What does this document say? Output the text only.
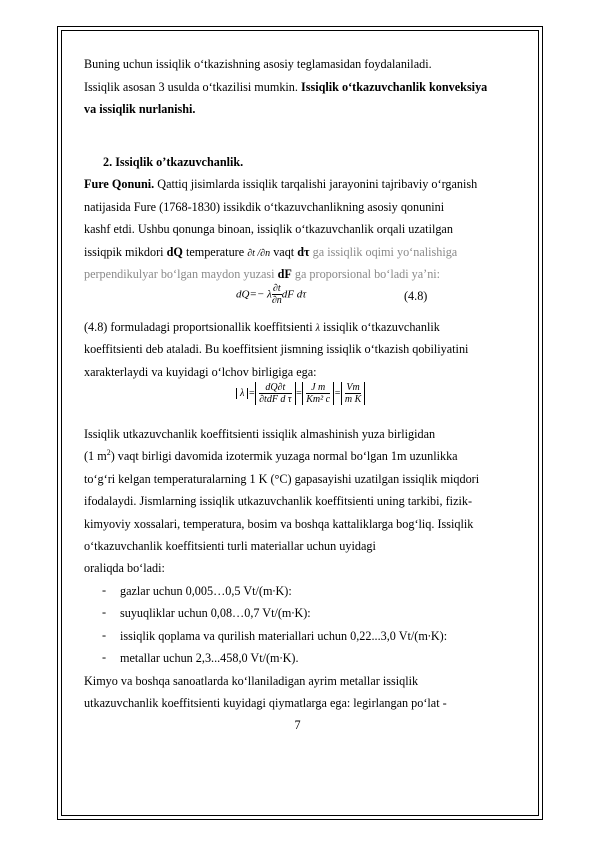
Buning uchun issiqlik o‘tkazishning asosiy teglamasidan foydalaniladi.
Issiqlik asosan 3 usulda o‘tkazilisi mumkin. Issiqlik o‘tkazuvchanlik konveksiya
va issiqlik nurlanishi.
2. Issiqlik o’tkazuvchanlik.
Fure Qonuni. Qattiq jisimlarda issiqlik tarqalishi jarayonini tajribaviy o‘rganish
natijasida Fure (1768-1830) issikdik o‘tkazuvchanlikning asosiy qonunini
kashf etdi. Ushbu qonunga binoan, issiqlik o‘tkazuvchanlik orqali uzatilgan
issiqpik mikdori dQ temperature ∂t /∂n vaqt dτ ga issiqlik oqimi yo‘nalishiga
perpendikulyar bo‘lgan maydon yuzasi dF ga proporsional bo‘ladi ya’ni:
dQ=− λ $\frac{\partial t}{\partial n}$ dF dτ	(4.8)
(4.8) formuladagi proportsionallik koeffitsienti λ issiqlik o‘tkazuvchanlik
koeffitsienti deb ataladi. Bu koeffitsient jismning issiqlik o‘tkazish qobiliyatini
xarakterlaydi va kuyidagi o‘lchov birligiga ega:
$\lambda = \frac{dQ\partial t}{\text{∂tdF d τ}} = \frac{\text{J m}}{\text{Km² c}} = \frac{Vm}{\text{m K}}$
Issiqlik utkazuvchanlik koeffitsienti issiqlik almashinish yuza birligidan
(1 $m^2$) vaqt birligi davomida izotermik yuzaga normal bo‘lgan 1m uzunlikka
to‘g‘ri kelgan temperaturalarning 1 K (°C) gapasayishi uzatilgan issiqlik miqdori
ifodalaydi. Jismlarning issiqlik utkazuvchanlik koeffitsienti uning tarkibi, fizik-
kimyoviy xossalari, temperatura, bosim va boshqa kattaliklarga bog‘liq. Issiqlik
o‘tkazuvchanlik koeffitsienti turli materiallar uchun uyidagi
oraliqda bo‘ladi:
- gazlar uchun 0,005…0,5 Vt/(m∙K):
- suyuqliklar uchun 0,08…0,7 Vt/(m∙K):
- issiqlik qoplama va qurilish materiallari uchun 0,22...3,0 Vt/(m∙K):
- metallar uchun 2,3...458,0 Vt/(m∙K).
Kimyo va boshqa sanoatlarda ko‘llaniladigan ayrim metallar issiqlik
utkazuvchanlik koeffitsienti kuyidagi qiymatlarga ega: legirlangan po‘lat -
7
